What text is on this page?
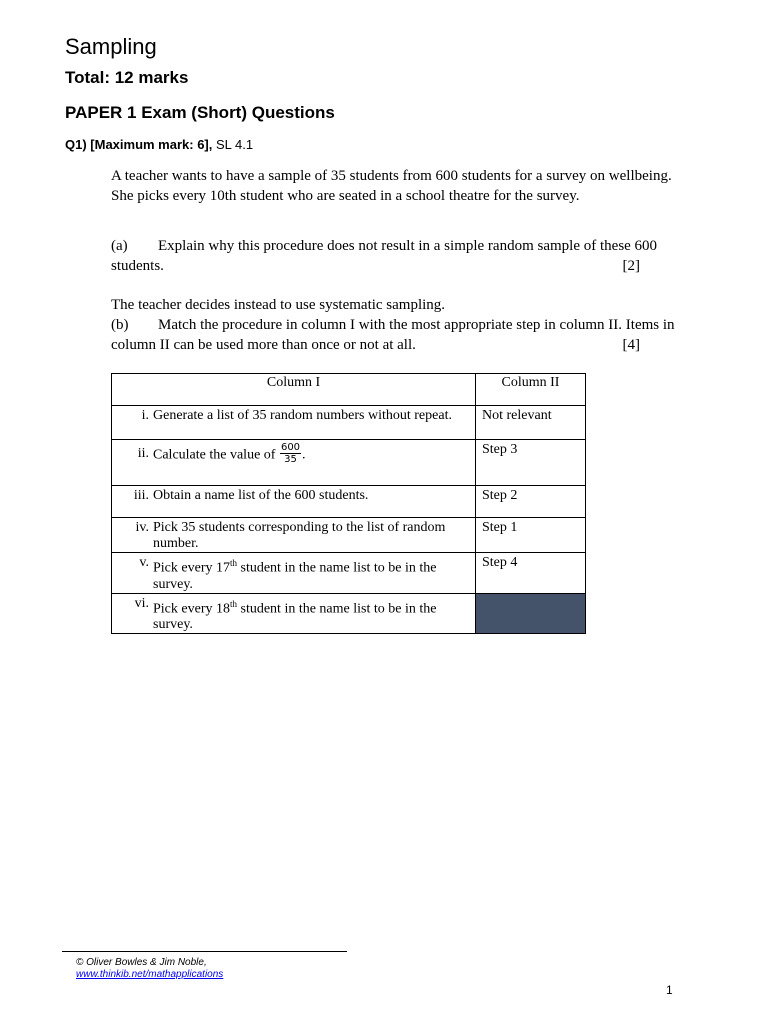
Sampling
Total: 12 marks
PAPER 1 Exam (Short) Questions
Q1) [Maximum mark: 6], SL 4.1
A teacher wants to have a sample of 35 students from 600 students for a survey on wellbeing.
She picks every 10th student who are seated in a school theatre for the survey.
(a) Explain why this procedure does not result in a simple random sample of these 600
students.	[2]
The teacher decides instead to use systematic sampling.
(b) Match the procedure in column I with the most appropriate step in column II. Items in
column II can be used more than once or not at all.	[4]
Column I	Column II

i. Generate a list of 35 random numbers without repeat.	Not relevant

ii. Calculate the value of $\frac{600}{35}$ .	Step 3

iii. Obtain a name list of the 600 students.	Step 2

iv. Pick 35 students corresponding to the list of random number.	Step 1

v. Pick every 17th student in the name list to be in the survey.	Step 4

vi. Pick every 18th student in the name list to be in the survey.	

© Oliver Bowles & Jim Noble,
www.thinkib.net/mathapplications
1
